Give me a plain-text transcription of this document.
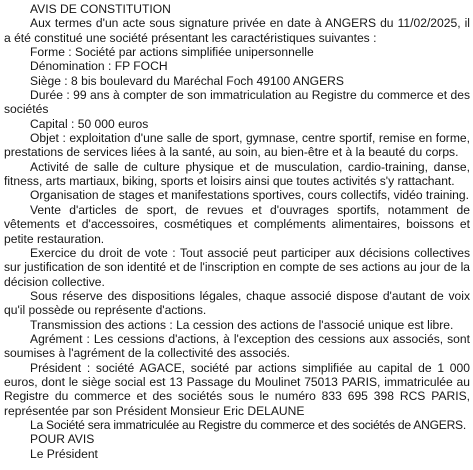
AVIS DE CONSTITUTION

Aux termes d'un acte sous signature privée en date à ANGERS du 11/02/2025, il a été constitué une société présentant les caractéristiques suivantes :

Forme : Société par actions simplifiée unipersonnelle

Dénomination : FP FOCH

Siège : 8 bis boulevard du Maréchal Foch 49100 ANGERS

Durée : 99 ans à compter de son immatriculation au Registre du commerce et des sociétés

Capital : 50 000 euros

Objet : exploitation d'une salle de sport, gymnase, centre sportif, remise en forme, prestations de services liées à la santé, au soin, au bien-être et à la beauté du corps.

Activité de salle de culture physique et de musculation, cardio-training, danse, fitness, arts martiaux, biking, sports et loisirs ainsi que toutes activités s'y rattachant.

Organisation de stages et manifestations sportives, cours collectifs, vidéo training.

Vente d'articles de sport, de revues et d'ouvrages sportifs, notamment de vêtements et d'accessoires, cosmétiques et compléments alimentaires, boissons et petite restauration.

Exercice du droit de vote : Tout associé peut participer aux décisions collectives sur justification de son identité et de l'inscription en compte de ses actions au jour de la décision collective.

Sous réserve des dispositions légales, chaque associé dispose d'autant de voix qu'il possède ou représente d'actions.

Transmission des actions : La cession des actions de l'associé unique est libre.

Agrément : Les cessions d'actions, à l'exception des cessions aux associés, sont soumises à l'agrément de la collectivité des associés.

Président : société AGACE, société par actions simplifiée au capital de 1 000 euros, dont le siège social est 13 Passage du Moulinet 75013 PARIS, immatriculée au Registre du commerce et des sociétés sous le numéro 833 695 398 RCS PARIS, représentée par son Président Monsieur Eric DELAUNE

La Société sera immatriculée au Registre du commerce et des sociétés de ANGERS.

POUR AVIS

Le Président
